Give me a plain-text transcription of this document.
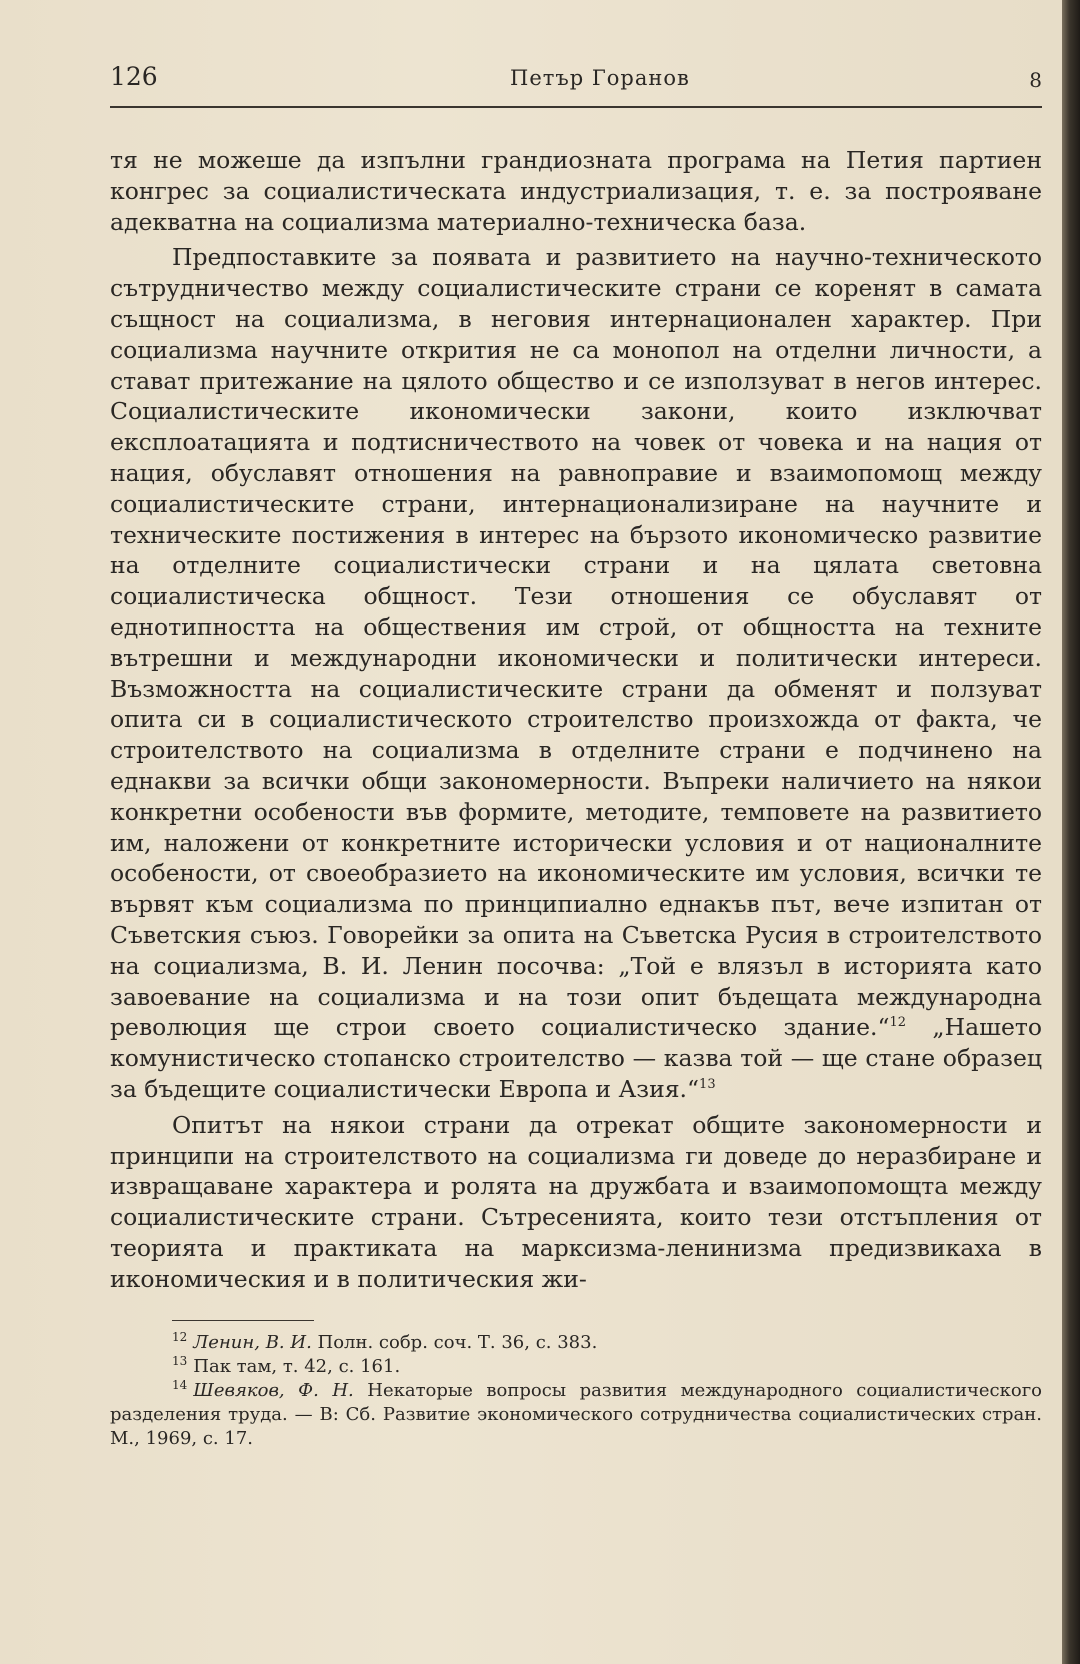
126	Петър Горанов	8

тя не можеше да изпълни грандиозната програма на Петия партиен конгрес за социалистическата индустриализация, т. е. за построяване адекватна на социализма материално-техническа база.

Предпоставките за появата и развитието на научно-техническото сътрудничество между социалистическите страни се коренят в самата същност на социализма, в неговия интернационален характер. При социализма научните открития не са монопол на отделни личности, а стават притежание на цялото общество и се използуват в негов интерес. Социалистическите икономически закони, които изключват експлоатацията и подтисничеството на човек от човека и на нация от нация, обуславят отношения на равноправие и взаимопомощ между социалистическите страни, интернационализиране на научните и техническите постижения в интерес на бързото икономическо развитие на отделните социалистически страни и на цялата световна социалистическа общност. Тези отношения се обуславят от еднотипността на обществения им строй, от общността на техните вътрешни и международни икономически и политически интереси. Възможността на социалистическите страни да обменят и ползуват опита си в социалистическото строителство произхожда от факта, че строителството на социализма в отделните страни е подчинено на еднакви за всички общи закономерности. Въпреки наличието на някои конкретни особености във формите, методите, темповете на развитието им, наложени от конкретните исторически условия и от националните особености, от своеобразието на икономическите им условия, всички те вървят към социализма по принципиално еднакъв път, вече изпитан от Съветския съюз. Говорейки за опита на Съветска Русия в строителството на социализма, В. И. Ленин посочва: „Той е влязъл в историята като завоевание на социализма и на този опит бъдещата международна революция ще строи своето социалистическо здание.“$^{12}$ „Нашето комунистическо стопанско строителство — казва той — ще стане образец за бъдещите социалистически Европа и Азия.“$^{13}$

Опитът на някои страни да отрекат общите закономерности и принципи на строителството на социализма ги доведе до неразбиране и извращаване характера и ролята на дружбата и взаимопомощта между социалистическите страни. Сътресенията, които тези отстъпления от теорията и практиката на марксизма-ленинизма предизвикаха в икономическия и в политическия жи-

$^{12}$ Ленин, В. И. Полн. собр. соч. Т. 36, с. 383.

$^{13}$ Пак там, т. 42, с. 161.

$^{14}$ Шевяков, Ф. Н. Некаторые вопросы развития международного социалистического разделения труда. — В: Сб. Развитие экономического сотрудничества социалистических стран. М., 1969, с. 17.
